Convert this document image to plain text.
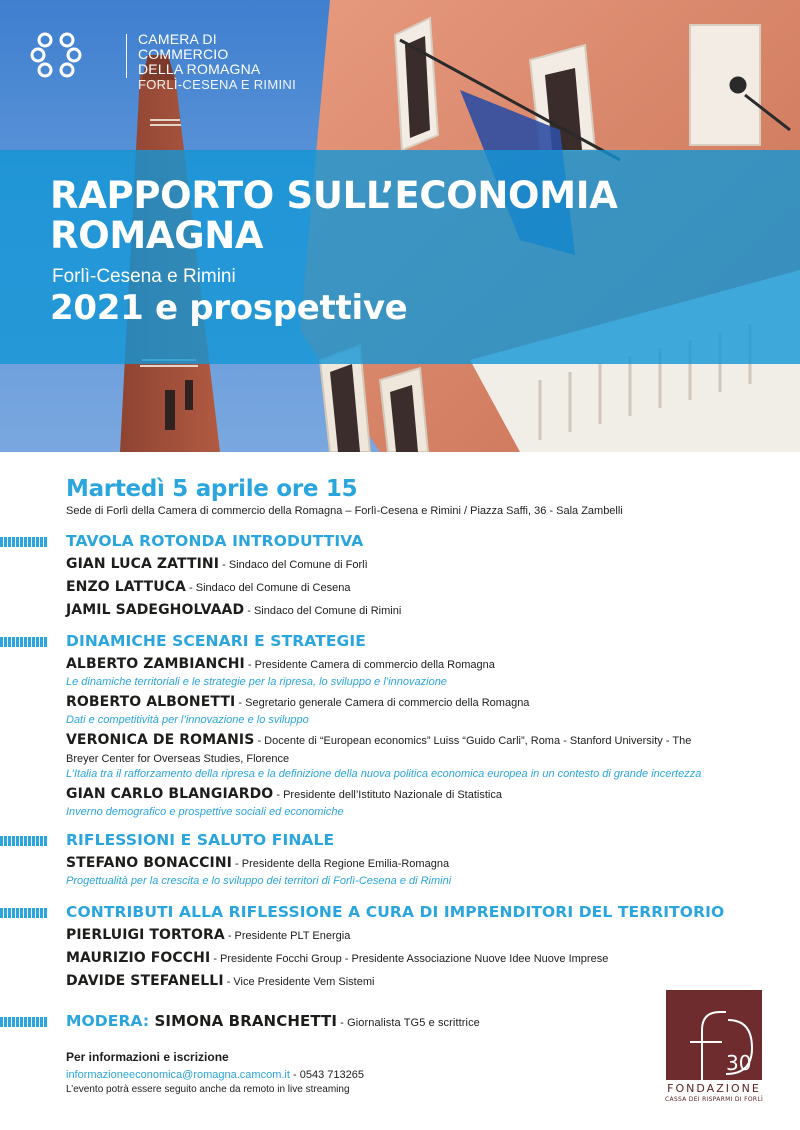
CAMERA DI COMMERCIO
DELLA ROMAGNA
FORLÌ-CESENA E RIMINI
RAPPORTO SULL’ECONOMIA
ROMAGNA
Forlì-Cesena e Rimini
2021 e prospettive
Martedì 5 aprile ore 15
Sede di Forlì della Camera di commercio della Romagna – Forlì-Cesena e Rimini / Piazza Saffi, 36 - Sala Zambelli
TAVOLA ROTONDA INTRODUTTIVA
GIAN LUCA ZATTINI - Sindaco del Comune di Forlì
ENZO LATTUCA - Sindaco del Comune di Cesena
JAMIL SADEGHOLVAAD - Sindaco del Comune di Rimini
DINAMICHE SCENARI E STRATEGIE
ALBERTO ZAMBIANCHI - Presidente Camera di commercio della Romagna
Le dinamiche territoriali e le strategie per la ripresa, lo sviluppo e l’innovazione
ROBERTO ALBONETTI - Segretario generale Camera di commercio della Romagna
Dati e competitività per l’innovazione e lo sviluppo
VERONICA DE ROMANIS - Docente di “European economics” Luiss “Guido Carli”, Roma - Stanford University - The
Breyer Center for Overseas Studies, Florence
L’Italia tra il rafforzamento della ripresa e la definizione della nuova politica economica europea in un contesto di grande incertezza
GIAN CARLO BLANGIARDO - Presidente dell’Istituto Nazionale di Statistica
Inverno demografico e prospettive sociali ed economiche
RIFLESSIONI E SALUTO FINALE
STEFANO BONACCINI - Presidente della Regione Emilia-Romagna
Progettualità per la crescita e lo sviluppo dei territori di Forlì-Cesena e di Rimini
CONTRIBUTI ALLA RIFLESSIONE A CURA DI IMPRENDITORI DEL TERRITORIO
PIERLUIGI TORTORA - Presidente PLT Energia
MAURIZIO FOCCHI - Presidente Focchi Group - Presidente Associazione Nuove Idee Nuove Imprese
DAVIDE STEFANELLI - Vice Presidente Vem Sistemi
MODERA: SIMONA BRANCHETTI - Giornalista TG5 e scrittrice
Per informazioni e iscrizione
informazioneeconomica@romagna.camcom.it - 0543 713265
L’evento potrà essere seguito anche da remoto in live streaming
30
FONDAZIONE
CASSA DEI RISPARMI DI FORLÌ
